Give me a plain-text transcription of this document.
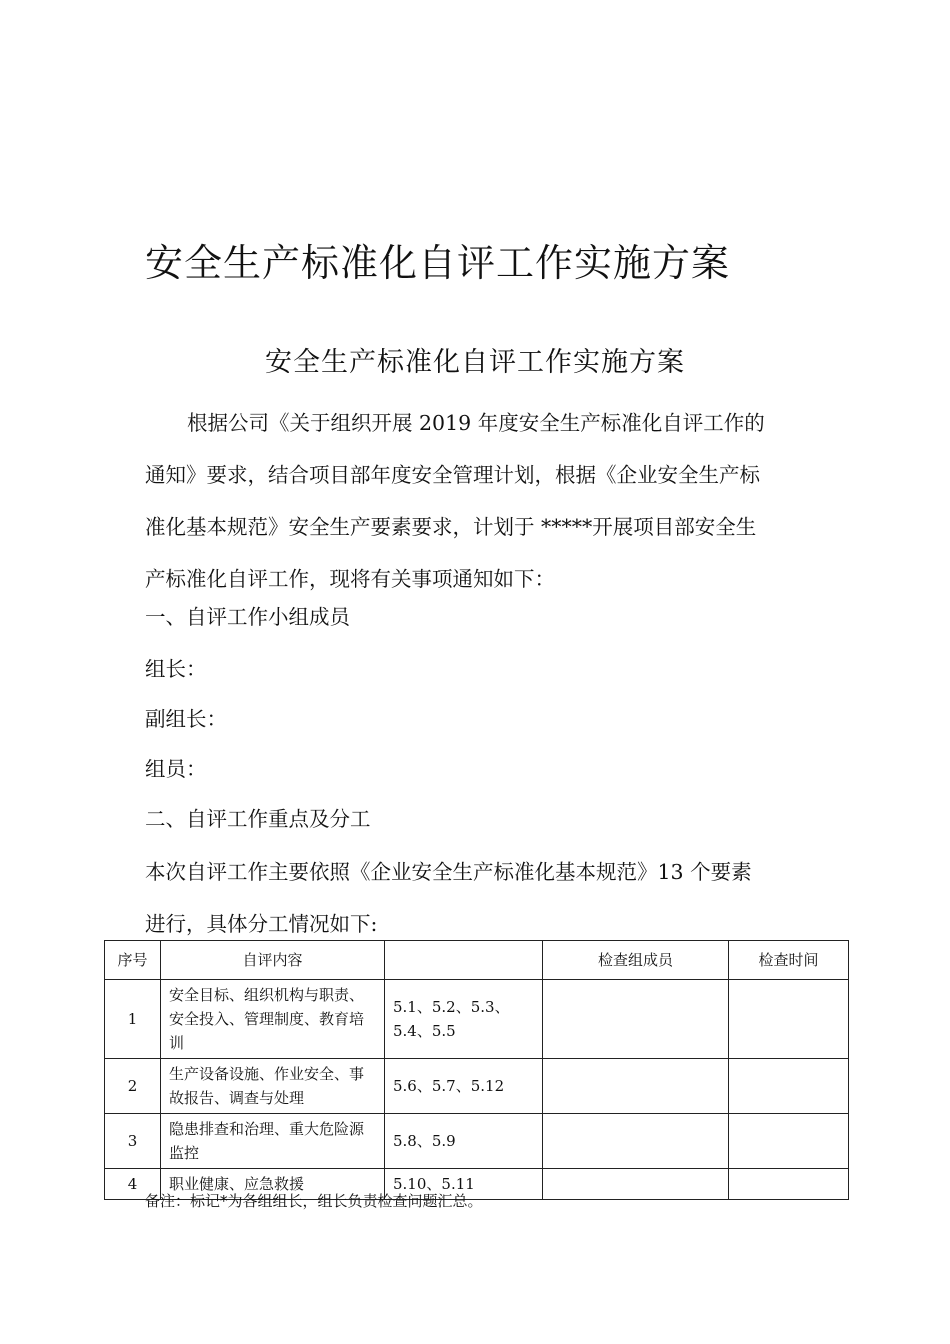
安全生产标准化自评工作实施方案
安全生产标准化自评工作实施方案
根据公司《关于组织开展 2019 年度安全生产标准化自评工作的
通知》要求，结合项目部年度安全管理计划，根据《企业安全生产标
准化基本规范》安全生产要素要求，计划于 *****开展项目部安全生
产标准化自评工作，现将有关事项通知如下：
一、自评工作小组成员
组长：
副组长：
组员：
二、自评工作重点及分工
本次自评工作主要依照《企业安全生产标准化基本规范》13 个要素
进行，具体分工情况如下:
序号	自评内容		检查组成员	检查时间
1	安全目标、组织机构与职责、安全投入、管理制度、教育培训	5.1、5.2、5.3、5.4、5.5		
2	生产设备设施、作业安全、事故报告、调查与处理	5.6、5.7、5.12		
3	隐患排查和治理、重大危险源监控	5.8、5.9		
4	职业健康、应急救援	5.10、5.11		
备注：标记*为各组组长，组长负责检查问题汇总。
